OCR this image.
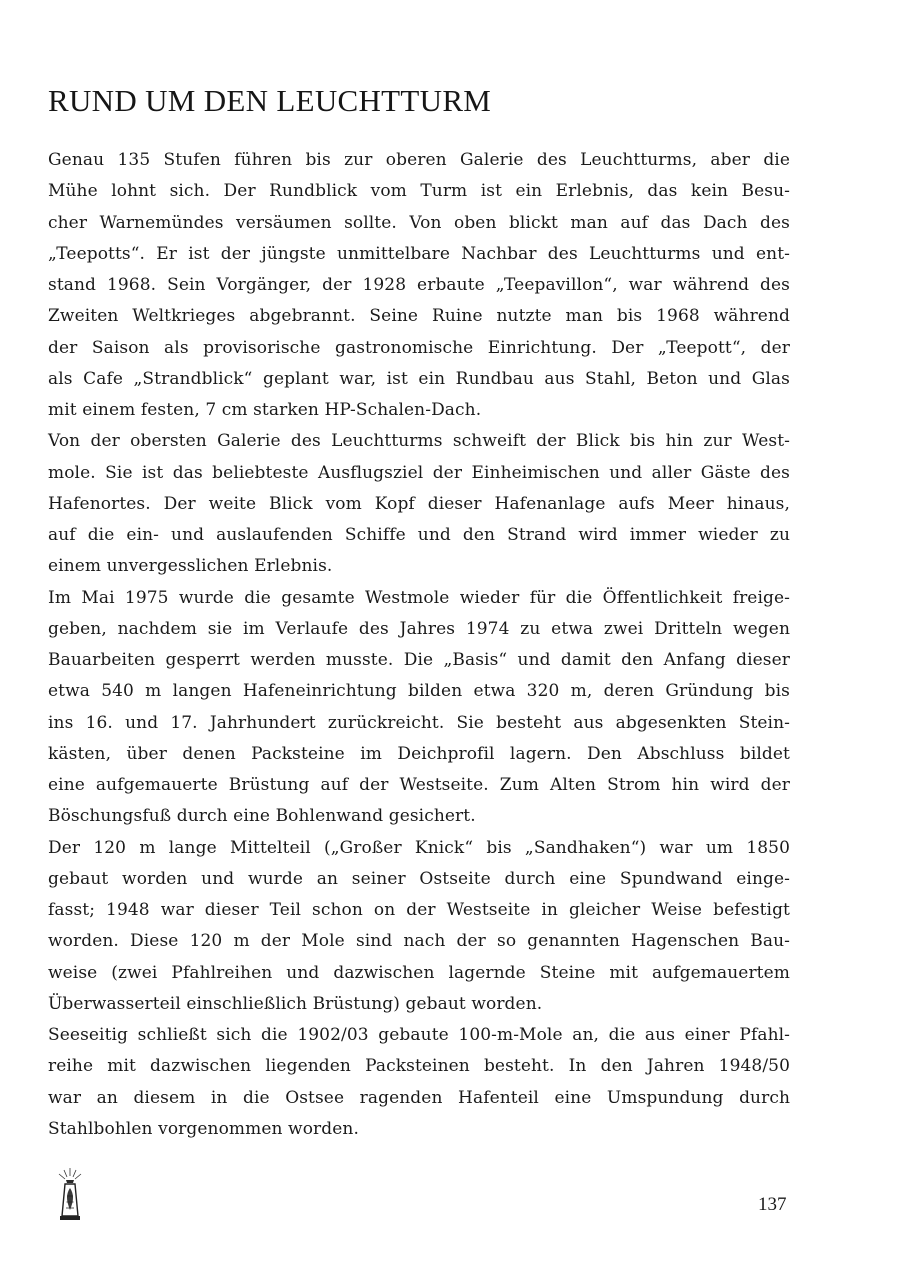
RUND UM DEN LEUCHTTURM
Genau 135 Stufen führen bis zur oberen Galerie des Leuchtturms, aber die
Mühe lohnt sich. Der Rundblick vom Turm ist ein Erlebnis, das kein Besu-
cher Warnemündes versäumen sollte. Von oben blickt man auf das Dach des
„Teepotts“. Er ist der jüngste unmittelbare Nachbar des Leuchtturms und ent-
stand 1968. Sein Vorgänger, der 1928 erbaute „Teepavillon“, war während des
Zweiten Weltkrieges abgebrannt. Seine Ruine nutzte man bis 1968 während
der Saison als provisorische gastronomische Einrichtung. Der „Teepott“, der
als Cafe „Strandblick“ geplant war, ist ein Rundbau aus Stahl, Beton und Glas
mit einem festen, 7 cm starken HP-Schalen-Dach.
Von der obersten Galerie des Leuchtturms schweift der Blick bis hin zur West-
mole. Sie ist das beliebteste Ausflugsziel der Einheimischen und aller Gäste des
Hafenortes. Der weite Blick vom Kopf dieser Hafenanlage aufs Meer hinaus,
auf die ein- und auslaufenden Schiffe und den Strand wird immer wieder zu
einem unvergesslichen Erlebnis.
Im Mai 1975 wurde die gesamte Westmole wieder für die Öffentlichkeit freige-
geben, nachdem sie im Verlaufe des Jahres 1974 zu etwa zwei Dritteln wegen
Bauarbeiten gesperrt werden musste. Die „Basis“ und damit den Anfang dieser
etwa 540 m langen Hafeneinrichtung bilden etwa 320 m, deren Gründung bis
ins 16. und 17. Jahrhundert zurückreicht. Sie besteht aus abgesenkten Stein-
kästen, über denen Packsteine im Deichprofil lagern. Den Abschluss bildet
eine aufgemauerte Brüstung auf der Westseite. Zum Alten Strom hin wird der
Böschungsfuß durch eine Bohlenwand gesichert.
Der 120 m lange Mittelteil („Großer Knick“ bis „Sandhaken“) war um 1850
gebaut worden und wurde an seiner Ostseite durch eine Spundwand einge-
fasst; 1948 war dieser Teil schon on der Westseite in gleicher Weise befestigt
worden. Diese 120 m der Mole sind nach der so genannten Hagenschen Bau-
weise (zwei Pfahlreihen und dazwischen lagernde Steine mit aufgemauertem
Überwasserteil einschließlich Brüstung) gebaut worden.
Seeseitig schließt sich die 1902/03 gebaute 100-m-Mole an, die aus einer Pfahl-
reihe mit dazwischen liegenden Packsteinen besteht. In den Jahren 1948/50
war an diesem in die Ostsee ragenden Hafenteil eine Umspundung durch
Stahlbohlen vorgenommen worden.
137
